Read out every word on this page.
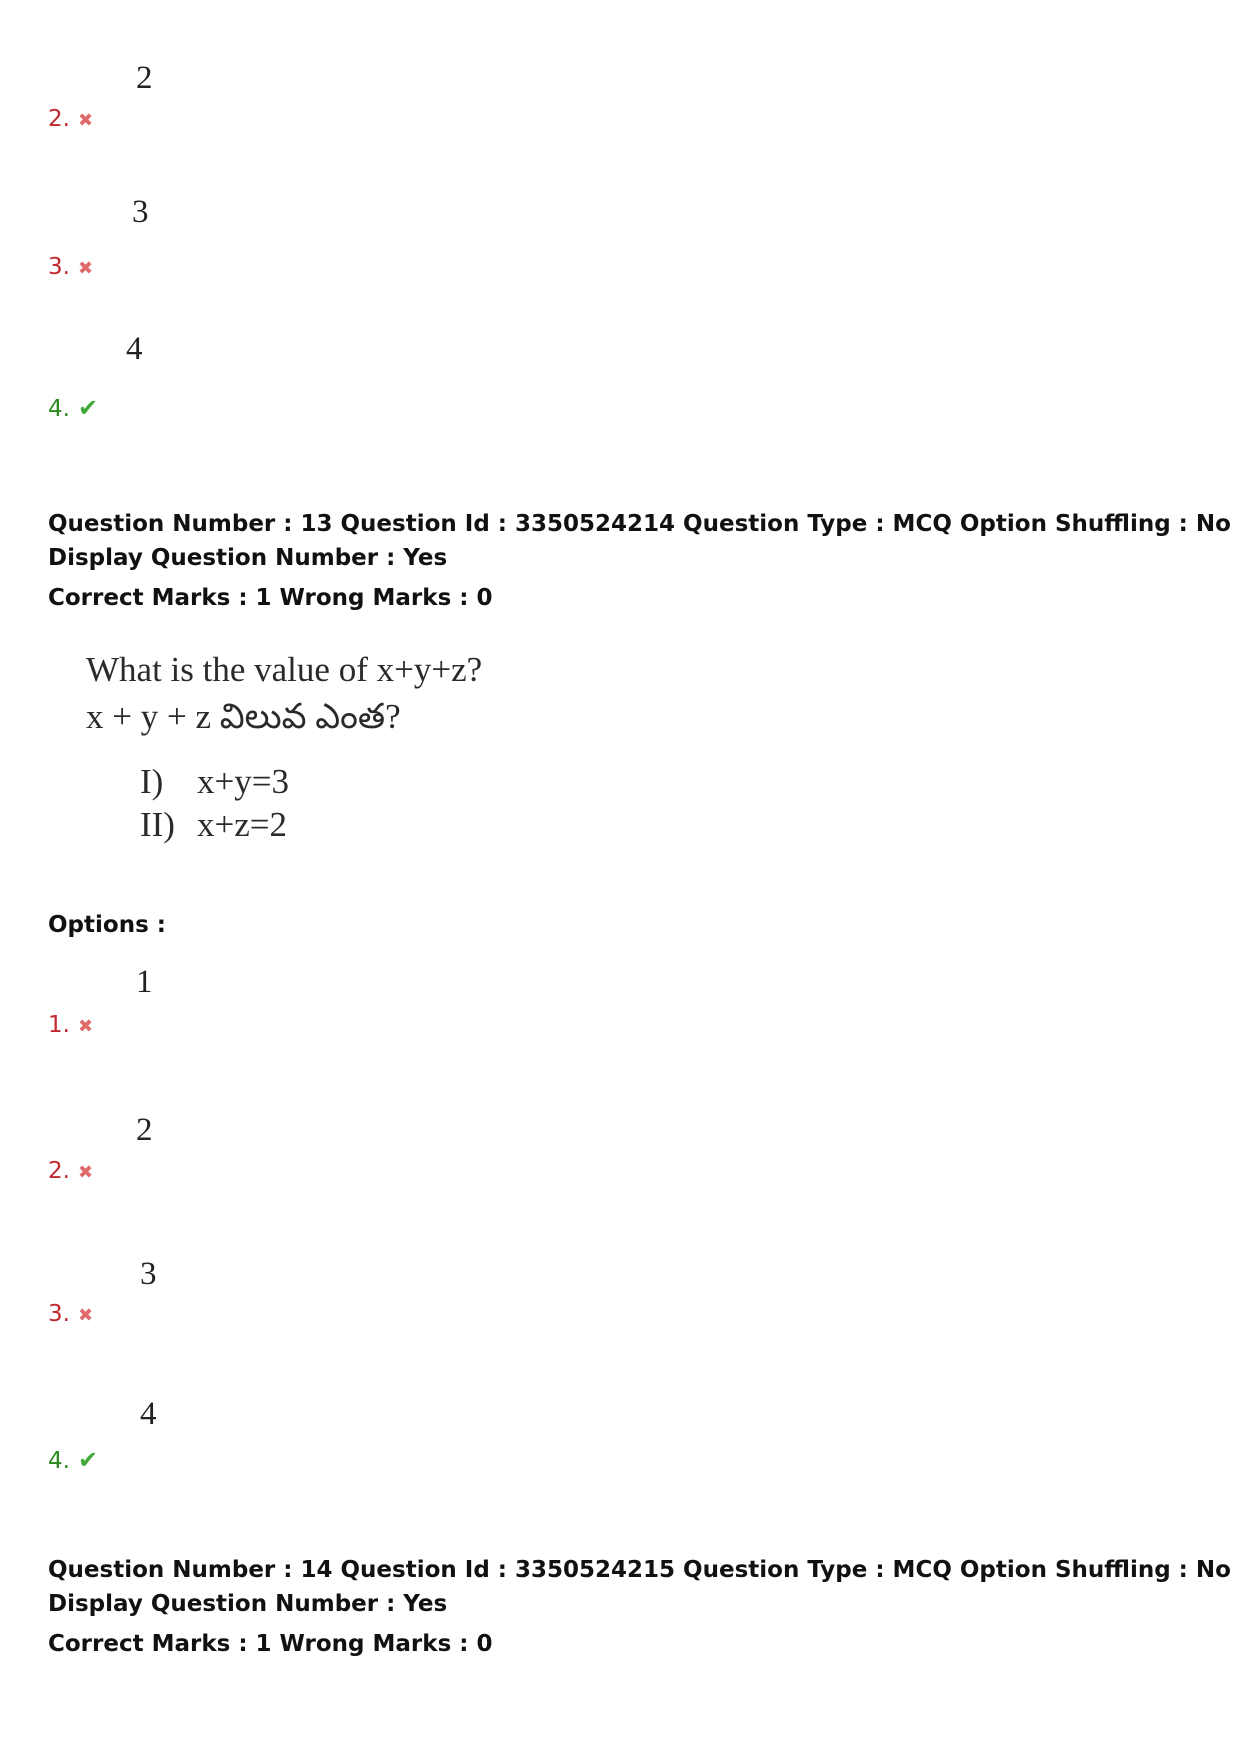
2
2. ✖
3
3. ✖
4
4. ✔
Question Number : 13 Question Id : 3350524214 Question Type : MCQ Option Shuffling : No
Display Question Number : Yes
Correct Marks : 1 Wrong Marks : 0
What is the value of x+y+z?
x + y + z విలువ ఎంత?
I) x+y=3
II) x+z=2
Options :
1
1. ✖
2
2. ✖
3
3. ✖
4
4. ✔
Question Number : 14 Question Id : 3350524215 Question Type : MCQ Option Shuffling : No
Display Question Number : Yes
Correct Marks : 1 Wrong Marks : 0
